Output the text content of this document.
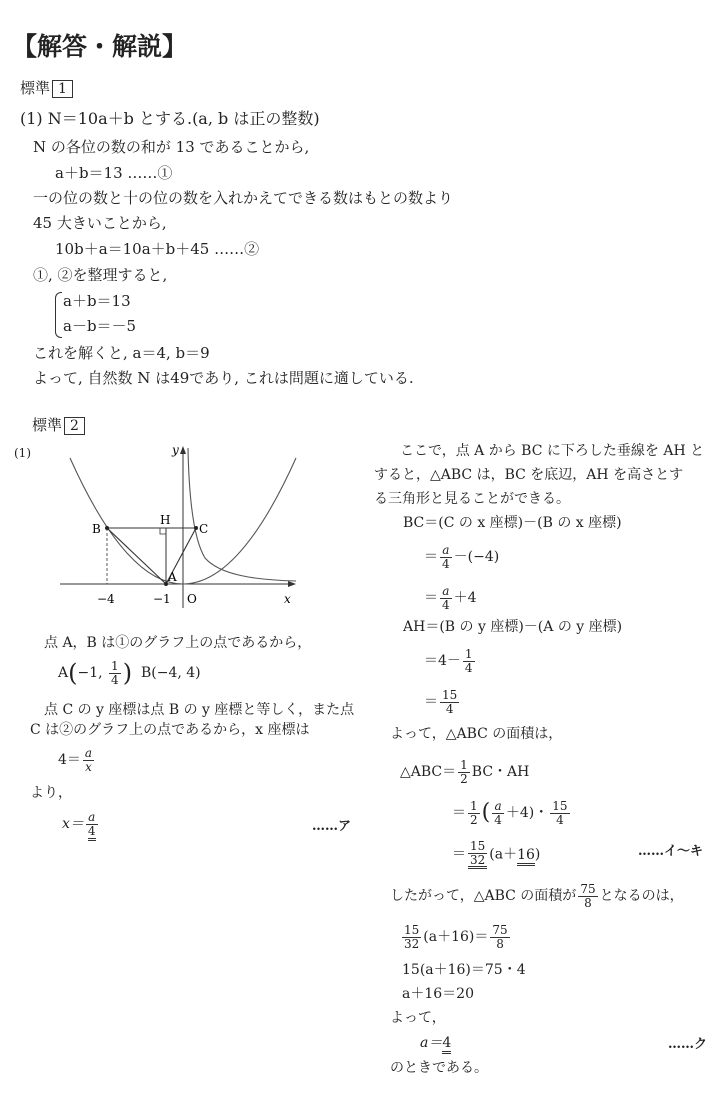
【解答・解説】
標準 1
(1) N＝10a＋b とする.(a, b は正の整数)
N の各位の数の和が 13 であることから,
a＋b＝13 ……①
一の位の数と十の位の数を入れかえてできる数はもとの数より
45 大きいことから,
10b＋a＝10a＋b＋45 ……②
①, ②を整理すると,
a＋b＝13
a－b＝－5
これを解くと, a＝4, b＝9
よって, 自然数 N は49であり, これは問題に適している.
標準 2
(1)	y
x
O
B
H
C
A
−4	−1
点 A，B は①のグラフ上の点であるから，
A(−1, $\frac{1}{4}$ ) B(−4, 4)
点 C の y 座標は点 B の y 座標と等しく，また点
C は②のグラフ上の点であるから，x 座標は
$4= \frac{a}{x}$
より，
$x= \frac{a}{4}$	……ア
ここで，点 A から BC に下ろした垂線を AH と
すると，△ABC は，BC を底辺，AH を高さとす
る三角形と見ることができる。
BC＝(C の x 座標)－(B の x 座標)
＝ $\frac{a}{4} -(-4)$
＝ $\frac{a}{4} +4$
AH＝(B の y 座標)－(A の y 座標)
$=4- \frac{1}{4}$
＝ $\frac{15}{4}$
よって，△ABC の面積は，
△ABC＝ $\frac{1}{2}$ BC・AH
＝ $\frac{1}{2}$ ( $\frac{a}{4} +4$)・ $\frac{15}{4}$
＝ $\frac{15}{32} (a+16)$	……イ〜キ
したがって，△ABC の面積が $\frac{75}{8}$ となるのは，
$\frac{15}{32} (a+16)= \frac{75}{8}$
15(a＋16)＝75・4
a＋16＝20
よって，
a＝4	……ク
のときである。
